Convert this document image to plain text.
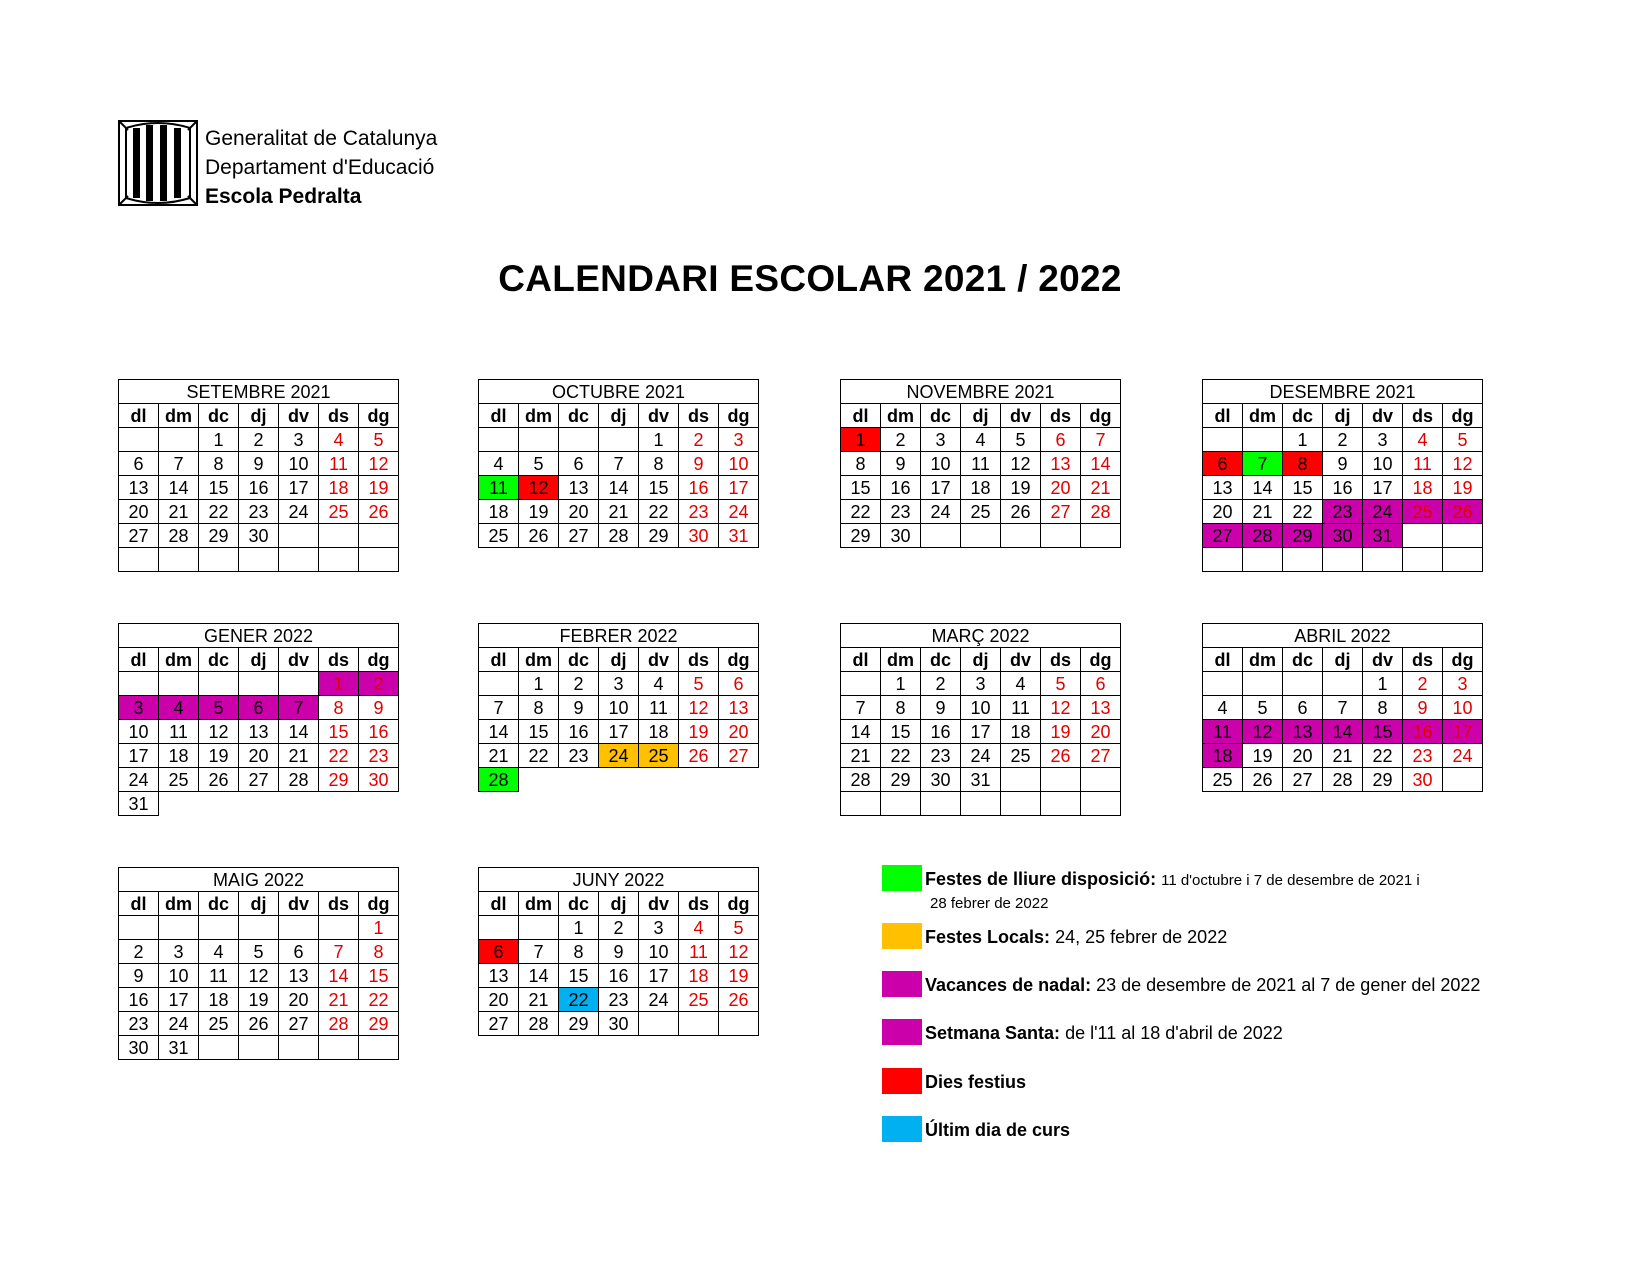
Generalitat de Catalunya
Departament d'Educació
Escola Pedralta
CALENDARI ESCOLAR 2021 / 2022
SETEMBRE 2021						
dl	dm	dc	dj	dv	ds	dg
		1	2	3	4	5
6	7	8	9	10	11	12
13	14	15	16	17	18	19
20	21	22	23	24	25	26
27	28	29	30			

OCTUBRE 2021						
dl	dm	dc	dj	dv	ds	dg
				1	2	3
4	5	6	7	8	9	10
11	12	13	14	15	16	17
18	19	20	21	22	23	24
25	26	27	28	29	30	31
NOVEMBRE 2021						
dl	dm	dc	dj	dv	ds	dg
1	2	3	4	5	6	7
8	9	10	11	12	13	14
15	16	17	18	19	20	21
22	23	24	25	26	27	28
29	30					
DESEMBRE 2021						
dl	dm	dc	dj	dv	ds	dg
		1	2	3	4	5
6	7	8	9	10	11	12
13	14	15	16	17	18	19
20	21	22	23	24	25	26
27	28	29	30	31		

GENER 2022						
dl	dm	dc	dj	dv	ds	dg
					1	2
3	4	5	6	7	8	9
10	11	12	13	14	15	16
17	18	19	20	21	22	23
24	25	26	27	28	29	30
31						
FEBRER 2022						
dl	dm	dc	dj	dv	ds	dg
	1	2	3	4	5	6
7	8	9	10	11	12	13
14	15	16	17	18	19	20
21	22	23	24	25	26	27
28						
MARÇ 2022						
dl	dm	dc	dj	dv	ds	dg
	1	2	3	4	5	6
7	8	9	10	11	12	13
14	15	16	17	18	19	20
21	22	23	24	25	26	27
28	29	30	31			

ABRIL 2022						
dl	dm	dc	dj	dv	ds	dg
				1	2	3
4	5	6	7	8	9	10
11	12	13	14	15	16	17
18	19	20	21	22	23	24
25	26	27	28	29	30	
MAIG 2022						
dl	dm	dc	dj	dv	ds	dg
						1
2	3	4	5	6	7	8
9	10	11	12	13	14	15
16	17	18	19	20	21	22
23	24	25	26	27	28	29
30	31					
JUNY 2022						
dl	dm	dc	dj	dv	ds	dg
		1	2	3	4	5
6	7	8	9	10	11	12
13	14	15	16	17	18	19
20	21	22	23	24	25	26
27	28	29	30			
Festes de lliure disposició: 11 d'octubre i 7 de desembre de 2021 i
28 febrer de 2022
Festes Locals: 24, 25 febrer de 2022
Vacances de nadal: 23 de desembre de 2021 al 7 de gener del 2022
Setmana Santa: de l'11 al 18 d'abril de 2022
Dies festius
Últim dia de curs
